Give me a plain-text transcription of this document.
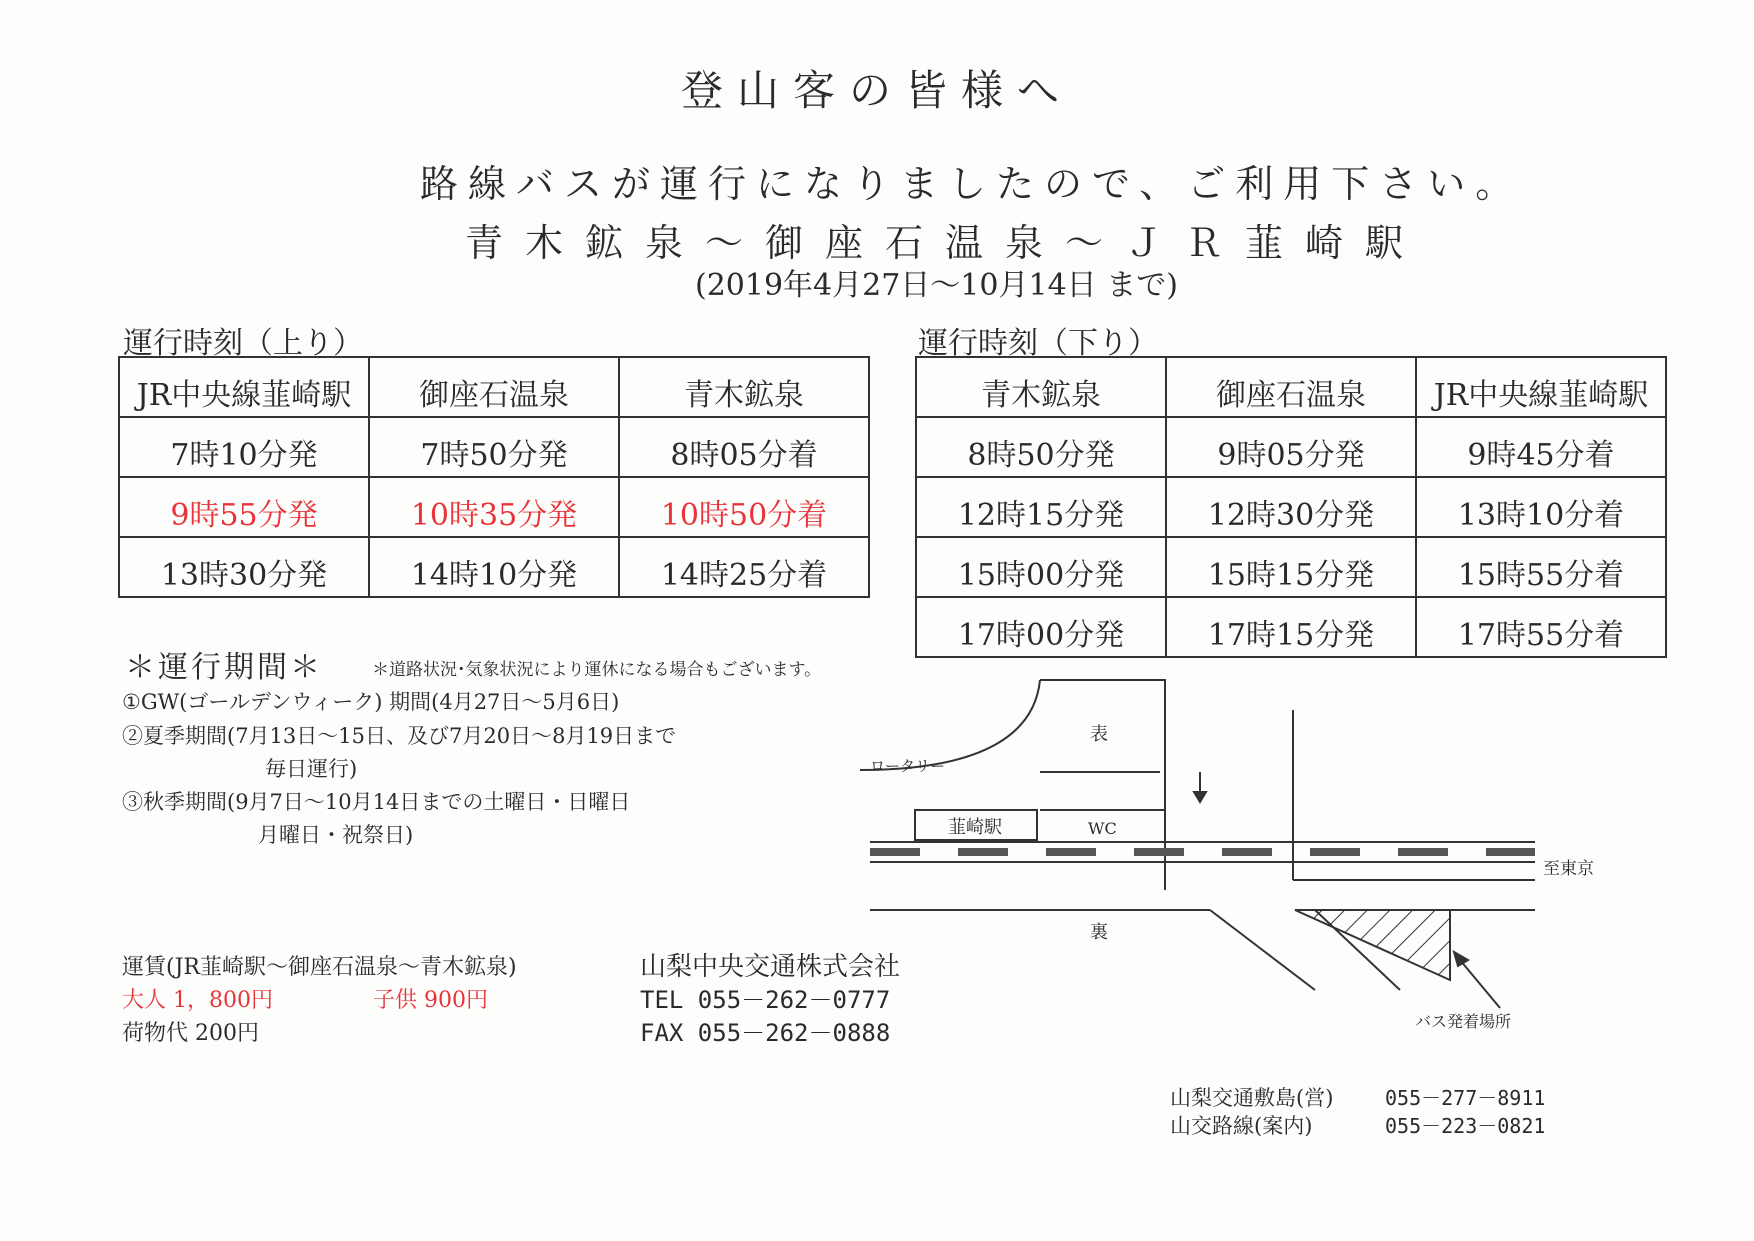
登山客の皆様へ
路線バスが運行になりましたので、ご利用下さい。
青木鉱泉～御座石温泉～ＪＲ韮崎駅
(2019年4月27日～10月14日 まで)
運行時刻（上り）
JR中央線韮崎駅	御座石温泉	青木鉱泉
7時10分発	7時50分発	8時05分着
9時55分発	10時35分発	10時50分着
13時30分発	14時10分発	14時25分着
運行時刻（下り）
青木鉱泉	御座石温泉	JR中央線韮崎駅
8時50分発	9時05分発	9時45分着
12時15分発	12時30分発	13時10分着
15時00分発	15時15分発	15時55分着
17時00分発	17時15分発	17時55分着
＊運行期間＊	＊道路状況･気象状況により運休になる場合もございます。
①GW(ゴールデンウィーク) 期間(4月27日～5月6日)
②夏季期間(7月13日～15日、及び7月20日～8月19日まで
毎日運行)
③秋季期間(9月7日～10月14日までの土曜日・日曜日
月曜日・祝祭日)
運賃(JR韮崎駅～御座石温泉～青木鉱泉)
大人 1，800円	子供 900円
荷物代 200円
山梨中央交通株式会社
TEL 055－262－0777
FAX 055－262－0888
表
裏
ロータリー
韮崎駅	WC
至東京
バス発着場所
山梨交通敷島(営)	055－277－8911
山交路線(案内)	055－223－0821
